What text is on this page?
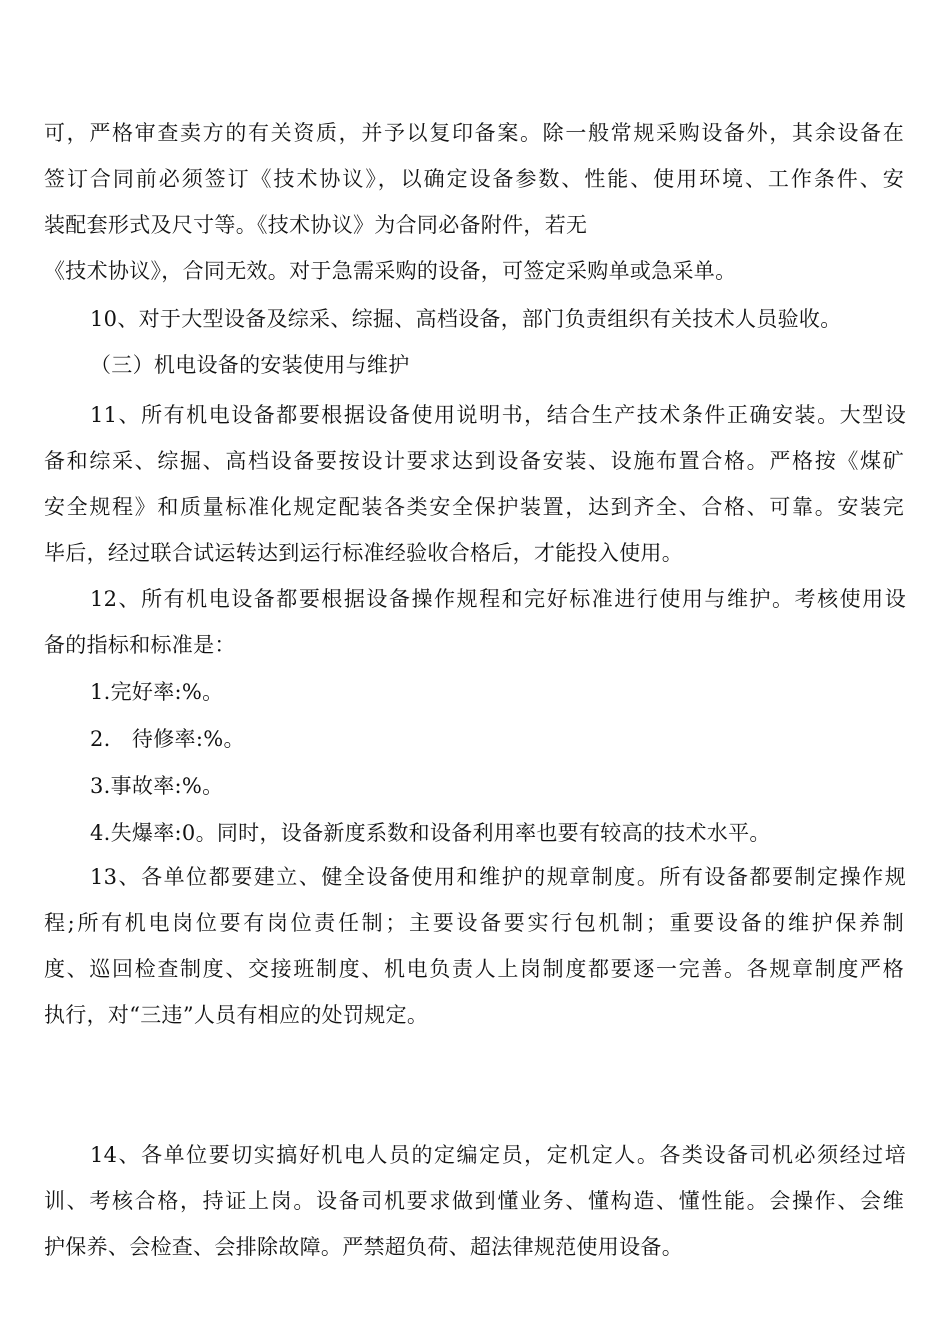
可，严格审查卖方的有关资质，并予以复印备案。除一般常规采购设备外，其余设备在
签订合同前必须签订《技术协议》，以确定设备参数、性能、使用环境、工作条件、安
装配套形式及尺寸等。《技术协议》为合同必备附件，若无
《技术协议》，合同无效。对于急需采购的设备，可签定采购单或急采单。
10、对于大型设备及综采、综掘、高档设备，部门负责组织有关技术人员验收。
（三）机电设备的安装使用与维护
11、所有机电设备都要根据设备使用说明书，结合生产技术条件正确安装。大型设
备和综采、综掘、高档设备要按设计要求达到设备安装、设施布置合格。严格按《煤矿
安全规程》和质量标准化规定配装各类安全保护装置，达到齐全、合格、可靠。安装完
毕后，经过联合试运转达到运行标准经验收合格后，才能投入使用。
12、所有机电设备都要根据设备操作规程和完好标准进行使用与维护。考核使用设
备的指标和标准是：
1.完好率:%。
2.　待修率:%。
3.事故率:%。
4.失爆率:0。同时，设备新度系数和设备利用率也要有较高的技术水平。
13、各单位都要建立、健全设备使用和维护的规章制度。所有设备都要制定操作规
程;所有机电岗位要有岗位责任制；主要设备要实行包机制；重要设备的维护保养制
度、巡回检查制度、交接班制度、机电负责人上岗制度都要逐一完善。各规章制度严格
执行，对“三违”人员有相应的处罚规定。
14、各单位要切实搞好机电人员的定编定员，定机定人。各类设备司机必须经过培
训、考核合格，持证上岗。设备司机要求做到懂业务、懂构造、懂性能。会操作、会维
护保养、会检查、会排除故障。严禁超负荷、超法律规范使用设备。
